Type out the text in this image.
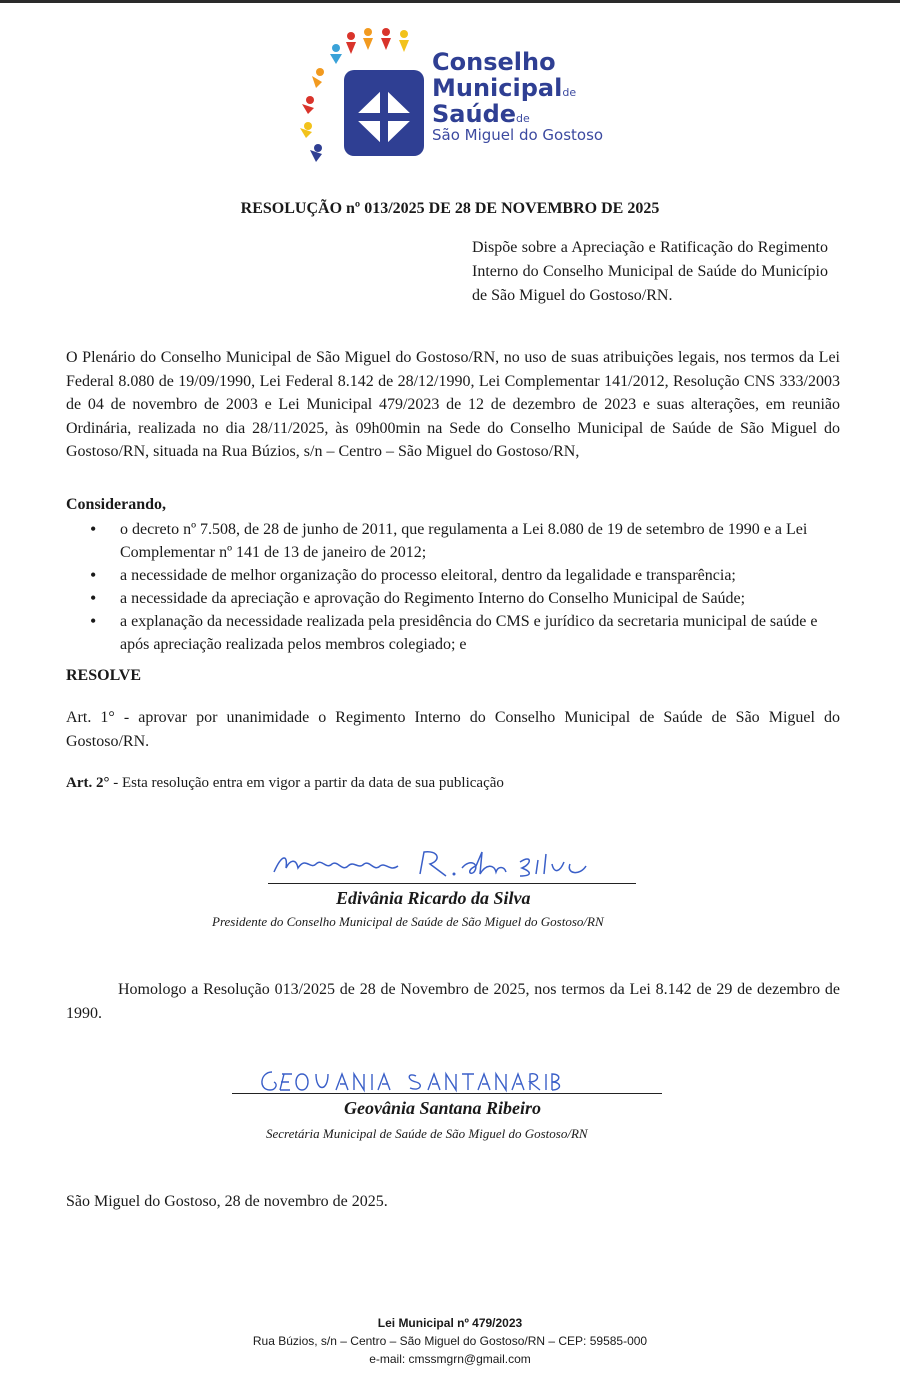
Conselho
Municipalde
Saúdede
São Miguel do Gostoso
RESOLUÇÃO nº 013/2025 DE 28 DE NOVEMBRO DE 2025
Dispõe sobre a Apreciação e Ratificação do Regimento Interno do Conselho Municipal de Saúde do Município de São Miguel do Gostoso/RN.
O Plenário do Conselho Municipal de São Miguel do Gostoso/RN, no uso de suas atribuições legais, nos termos da Lei Federal 8.080 de 19/09/1990, Lei Federal 8.142 de 28/12/1990, Lei Complementar 141/2012, Resolução CNS 333/2003 de 04 de novembro de 2003 e Lei Municipal 479/2023 de 12 de dezembro de 2023 e suas alterações, em reunião Ordinária, realizada no dia 28/11/2025, às 09h00min na Sede do Conselho Municipal de Saúde de São Miguel do Gostoso/RN, situada na Rua Búzios, s/n – Centro – São Miguel do Gostoso/RN,
Considerando,
• o decreto nº 7.508, de 28 de junho de 2011, que regulamenta a Lei 8.080 de 19 de setembro de 1990 e a Lei Complementar nº 141 de 13 de janeiro de 2012;
• a necessidade de melhor organização do processo eleitoral, dentro da legalidade e transparência;
• a necessidade da apreciação e aprovação do Regimento Interno do Conselho Municipal de Saúde;
• a explanação da necessidade realizada pela presidência do CMS e jurídico da secretaria municipal de saúde e após apreciação realizada pelos membros colegiado; e
RESOLVE
Art. 1° - aprovar por unanimidade o Regimento Interno do Conselho Municipal de Saúde de São Miguel do Gostoso/RN.
Art. 2° - Esta resolução entra em vigor a partir da data de sua publicação
Edivânia R. da Silva
Edivânia Ricardo da Silva
Presidente do Conselho Municipal de Saúde de São Miguel do Gostoso/RN
Homologo a Resolução 013/2025 de 28 de Novembro de 2025, nos termos da Lei 8.142 de 29 de dezembro de 1990.
GEOVÂNIA SANTANA RIBEIRO
Geovânia Santana Ribeiro
Secretária Municipal de Saúde de São Miguel do Gostoso/RN
São Miguel do Gostoso, 28 de novembro de 2025.
Lei Municipal nº 479/2023
Rua Búzios, s/n – Centro – São Miguel do Gostoso/RN – CEP: 59585-000
e-mail: cmssmgrn@gmail.com
